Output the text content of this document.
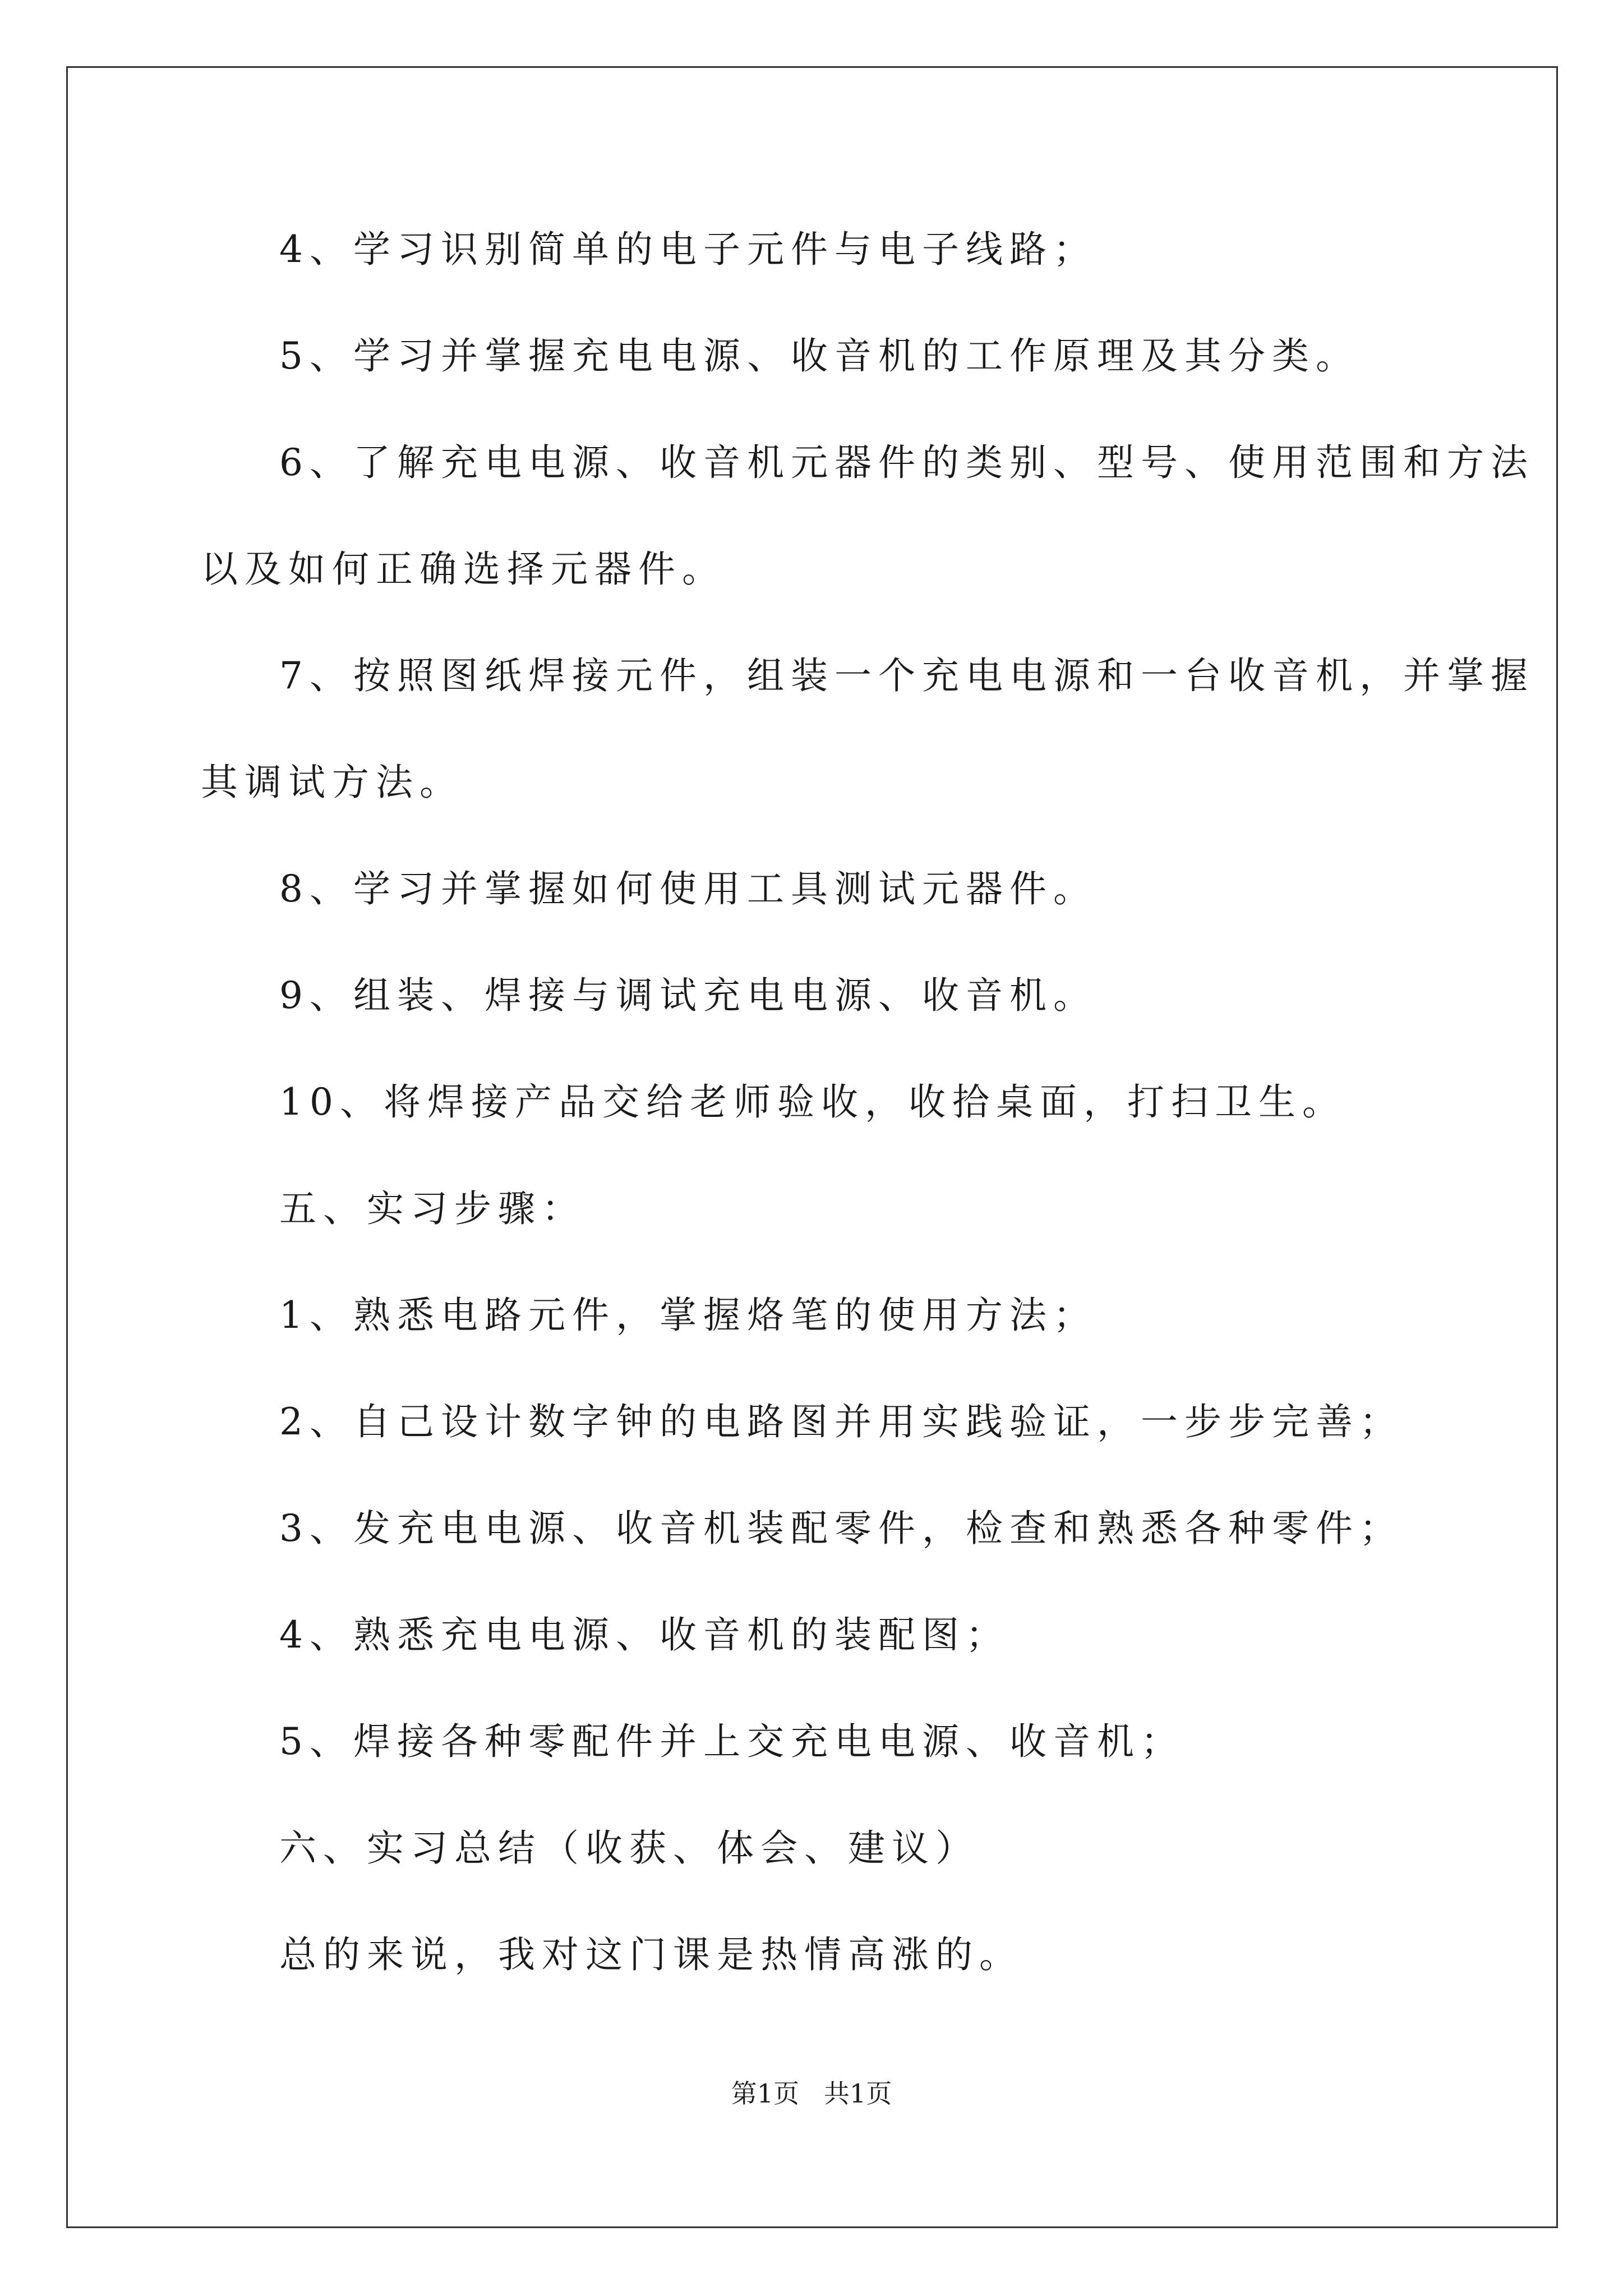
4、学习识别简单的电子元件与电子线路；
5、学习并掌握充电电源、收音机的工作原理及其分类。
6、了解充电电源、收音机元器件的类别、型号、使用范围和方法
以及如何正确选择元器件。
7、按照图纸焊接元件，组装一个充电电源和一台收音机，并掌握
其调试方法。
8、学习并掌握如何使用工具测试元器件。
9、组装、焊接与调试充电电源、收音机。
10、将焊接产品交给老师验收，收拾桌面，打扫卫生。
五、实习步骤：
1、熟悉电路元件，掌握烙笔的使用方法；
2、自己设计数字钟的电路图并用实践验证，一步步完善；
3、发充电电源、收音机装配零件，检查和熟悉各种零件；
4、熟悉充电电源、收音机的装配图；
5、焊接各种零配件并上交充电电源、收音机；
六、实习总结（收获、体会、建议）
总的来说，我对这门课是热情高涨的。
第1页   共1页
